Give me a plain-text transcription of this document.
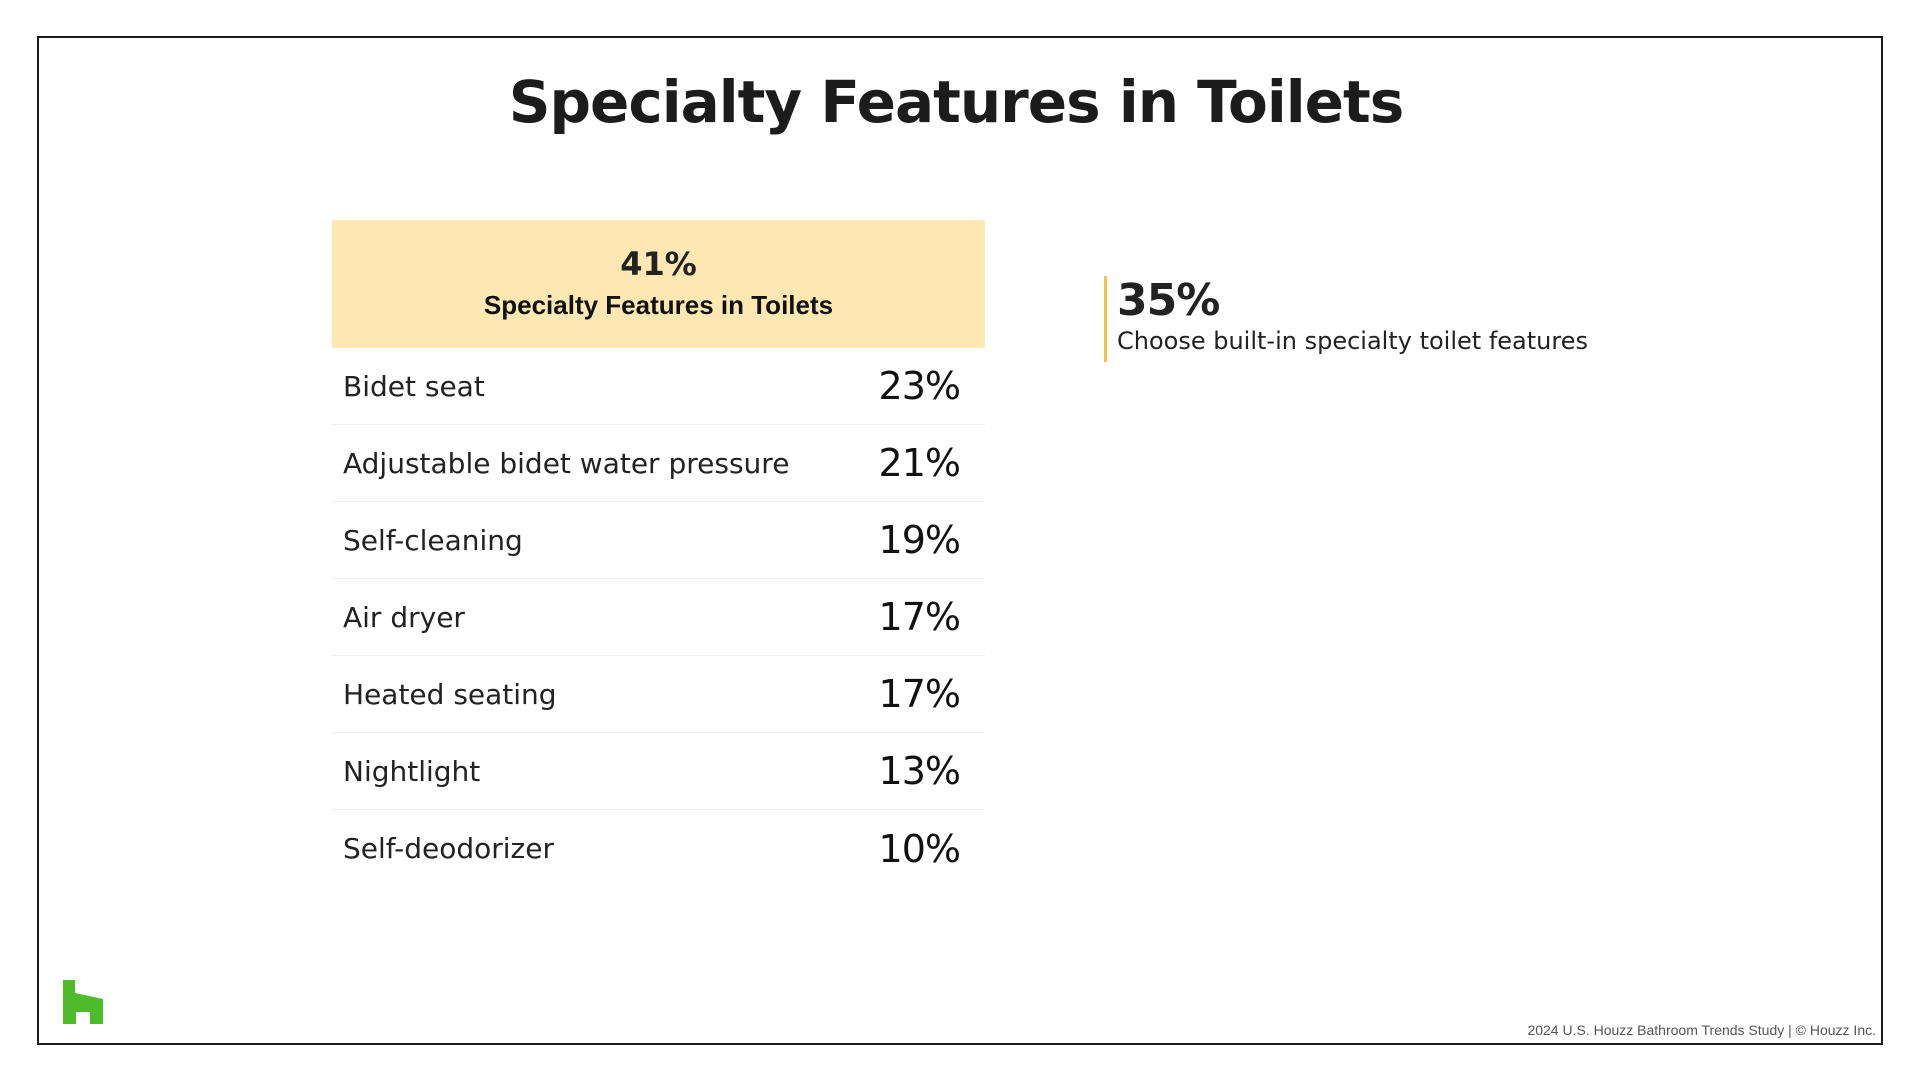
Specialty Features in Toilets
41%
Specialty Features in Toilets
Bidet seat	23%
Adjustable bidet water pressure 21%
Self-cleaning	19%
Air dryer	17%
Heated seating	17%
Nightlight	13%
Self-deodorizer	10%
35%
Choose built-in specialty toilet features
2024 U.S. Houzz Bathroom Trends Study | © Houzz Inc.
